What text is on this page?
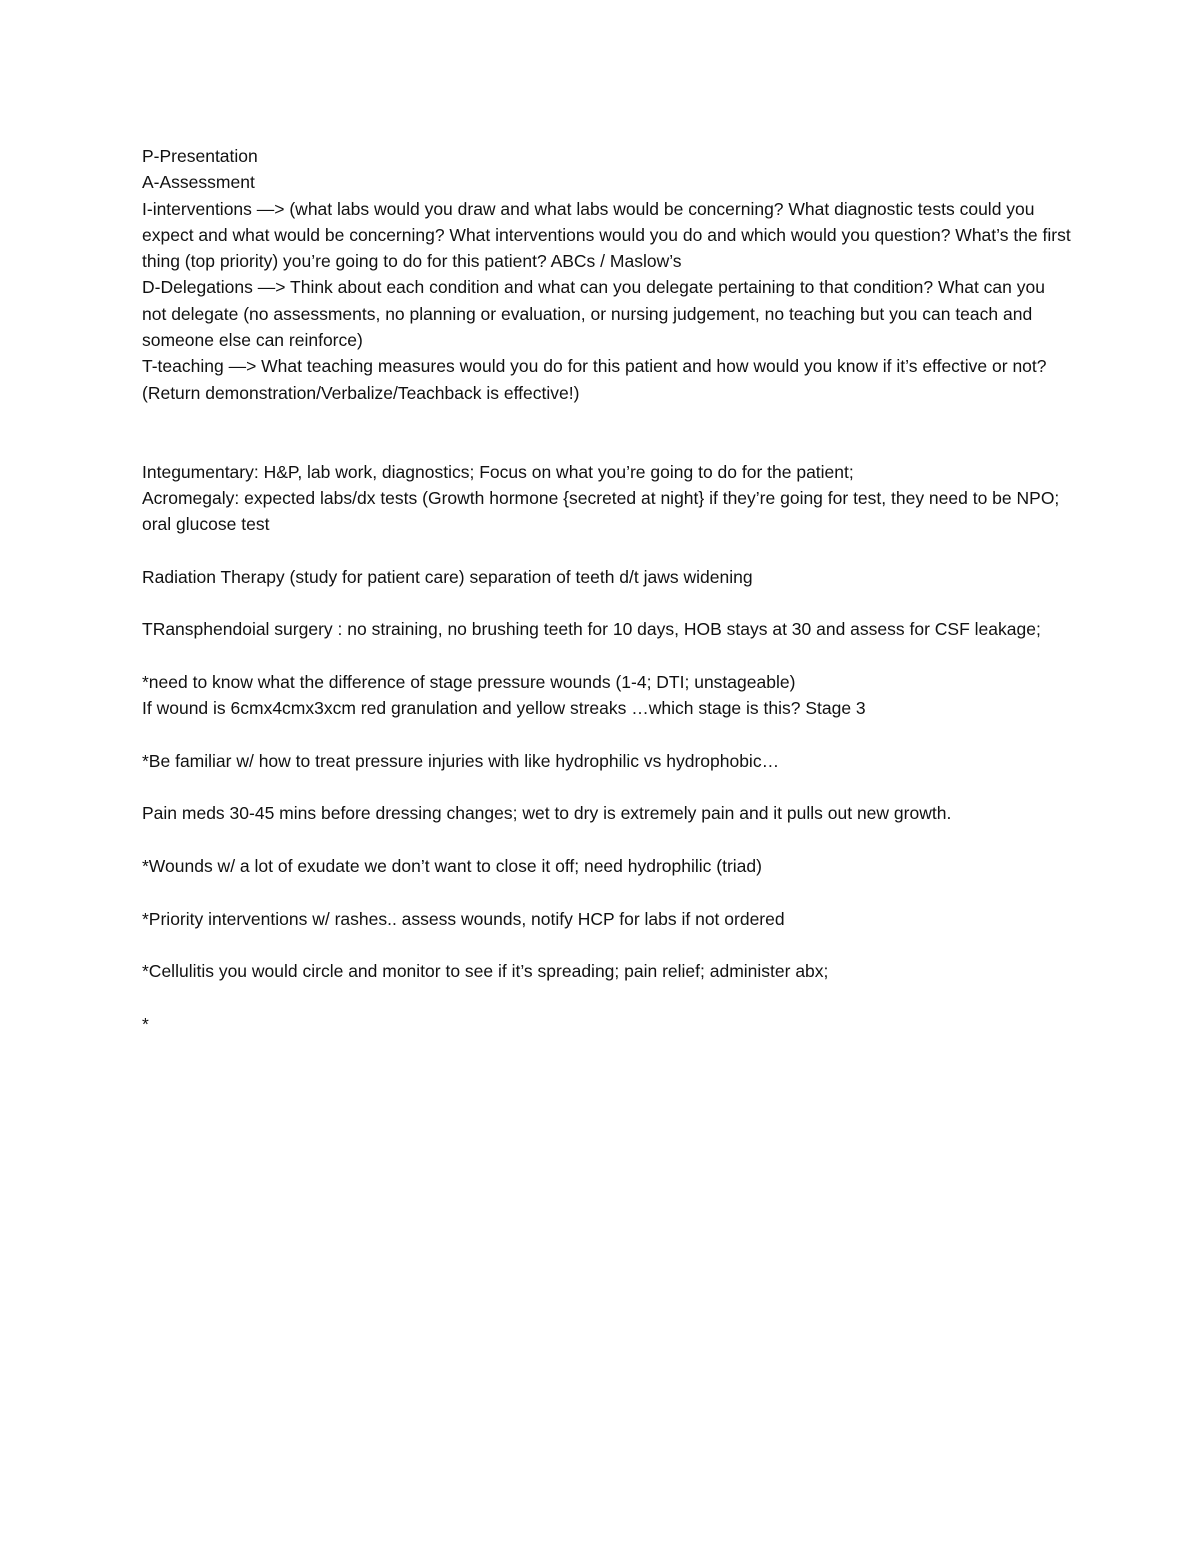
P-Presentation
A-Assessment
I-interventions —> (what labs would you draw and what labs would be concerning? What diagnostic tests could you expect and what would be concerning? What interventions would you do and which would you question? What’s the first thing (top priority) you’re going to do for this patient? ABCs / Maslow’s
D-Delegations —> Think about each condition and what can you delegate pertaining to that condition? What can you not delegate (no assessments, no planning or evaluation, or nursing judgement, no teaching but you can teach and someone else can reinforce)
T-teaching —> What teaching measures would you do for this patient and how would you know if it’s effective or not? (Return demonstration/Verbalize/Teachback is effective!)
Integumentary: H&P, lab work, diagnostics; Focus on what you’re going to do for the patient;
Acromegaly: expected labs/dx tests (Growth hormone {secreted at night} if they’re going for test, they need to be NPO; oral glucose test
Radiation Therapy (study for patient care) separation of teeth d/t jaws widening
TRansphendoial surgery : no straining, no brushing teeth for 10 days, HOB stays at 30 and assess for CSF leakage;
*need to know what the difference of stage pressure wounds (1-4; DTI; unstageable)
If wound is 6cmx4cmx3xcm red granulation and yellow streaks …which stage is this? Stage 3
*Be familiar w/ how to treat pressure injuries with like hydrophilic vs hydrophobic…
Pain meds 30-45 mins before dressing changes; wet to dry is extremely pain and it pulls out new growth.
*Wounds w/ a lot of exudate we don’t want to close it off; need hydrophilic (triad)
*Priority interventions w/ rashes.. assess wounds, notify HCP for labs if not ordered
*Cellulitis you would circle and monitor to see if it’s spreading; pain relief; administer abx;
*
